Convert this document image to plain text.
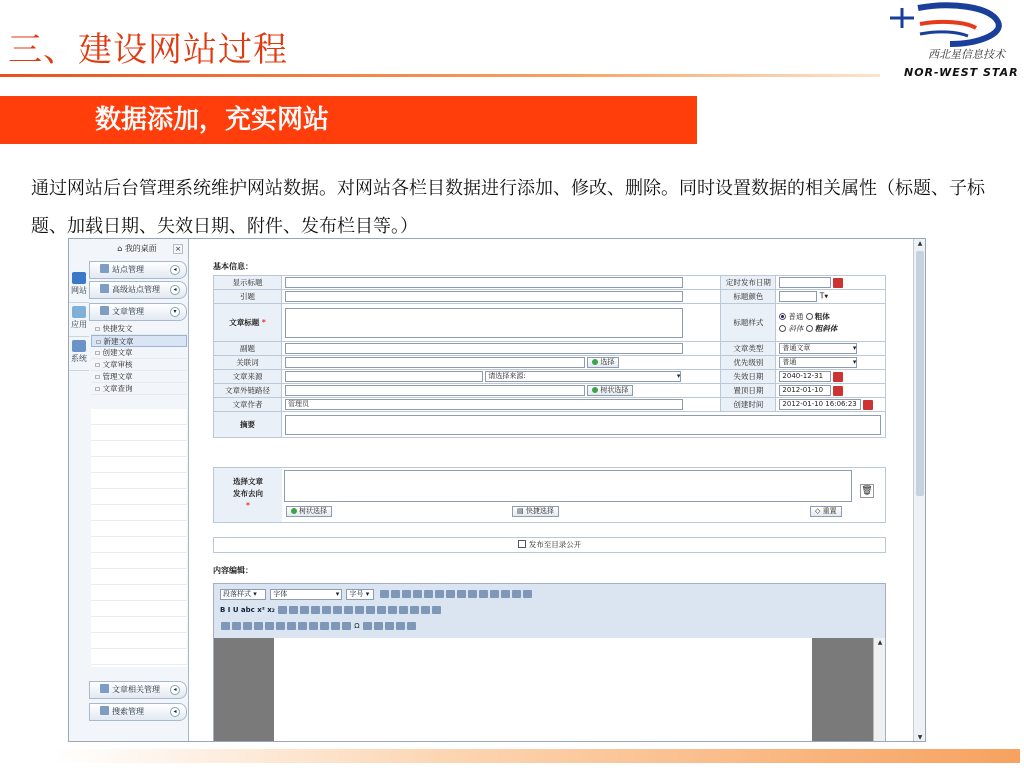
三、建设网站过程	西北星信息技术
NOR-WEST STAR
数据添加，充实网站
通过网站后台管理系统维护网站数据。对网站各栏目数据进行添加、修改、删除。同时设置数据的相关属性（标题、子标题、加载日期、失效日期、附件、发布栏目等。）
⌂ 我的桌面	×
网站
应用
系统
站点管理	◂
高级站点管理	◂
文章管理	▾
▫ 快捷发文
▫ 新建文章
▫ 创建文章
▫ 文章审核
▫ 管理文章
▫ 文章查询
文章相关管理	◂
搜索管理	◂
基本信息：
显示标题		定时发布日期	
引题		标题颜色	T▾
文章标题 *		标题样式	普通 粗体
斜体 粗斜体
副题		文章类型	普通文章 ▾

关联词	选择	优先级别	普通 ▾

文章来源	请选择来源: ▾	失效日期	2040-12-31
文章外链路径	树状选择	置顶日期	2012-01-10
文章作者	管理员	创建时间	2012-01-10 16:06:23
摘要			
选择文章
发布去向
*
树状选择	▤ 快捷选择	◇ 重置
🗑
发布至目录公开
内容编辑：
段落样式 ▾ 字体	▾ 字号 ▾
B I U abc x² x₂
Ω
▲
▲
▼
